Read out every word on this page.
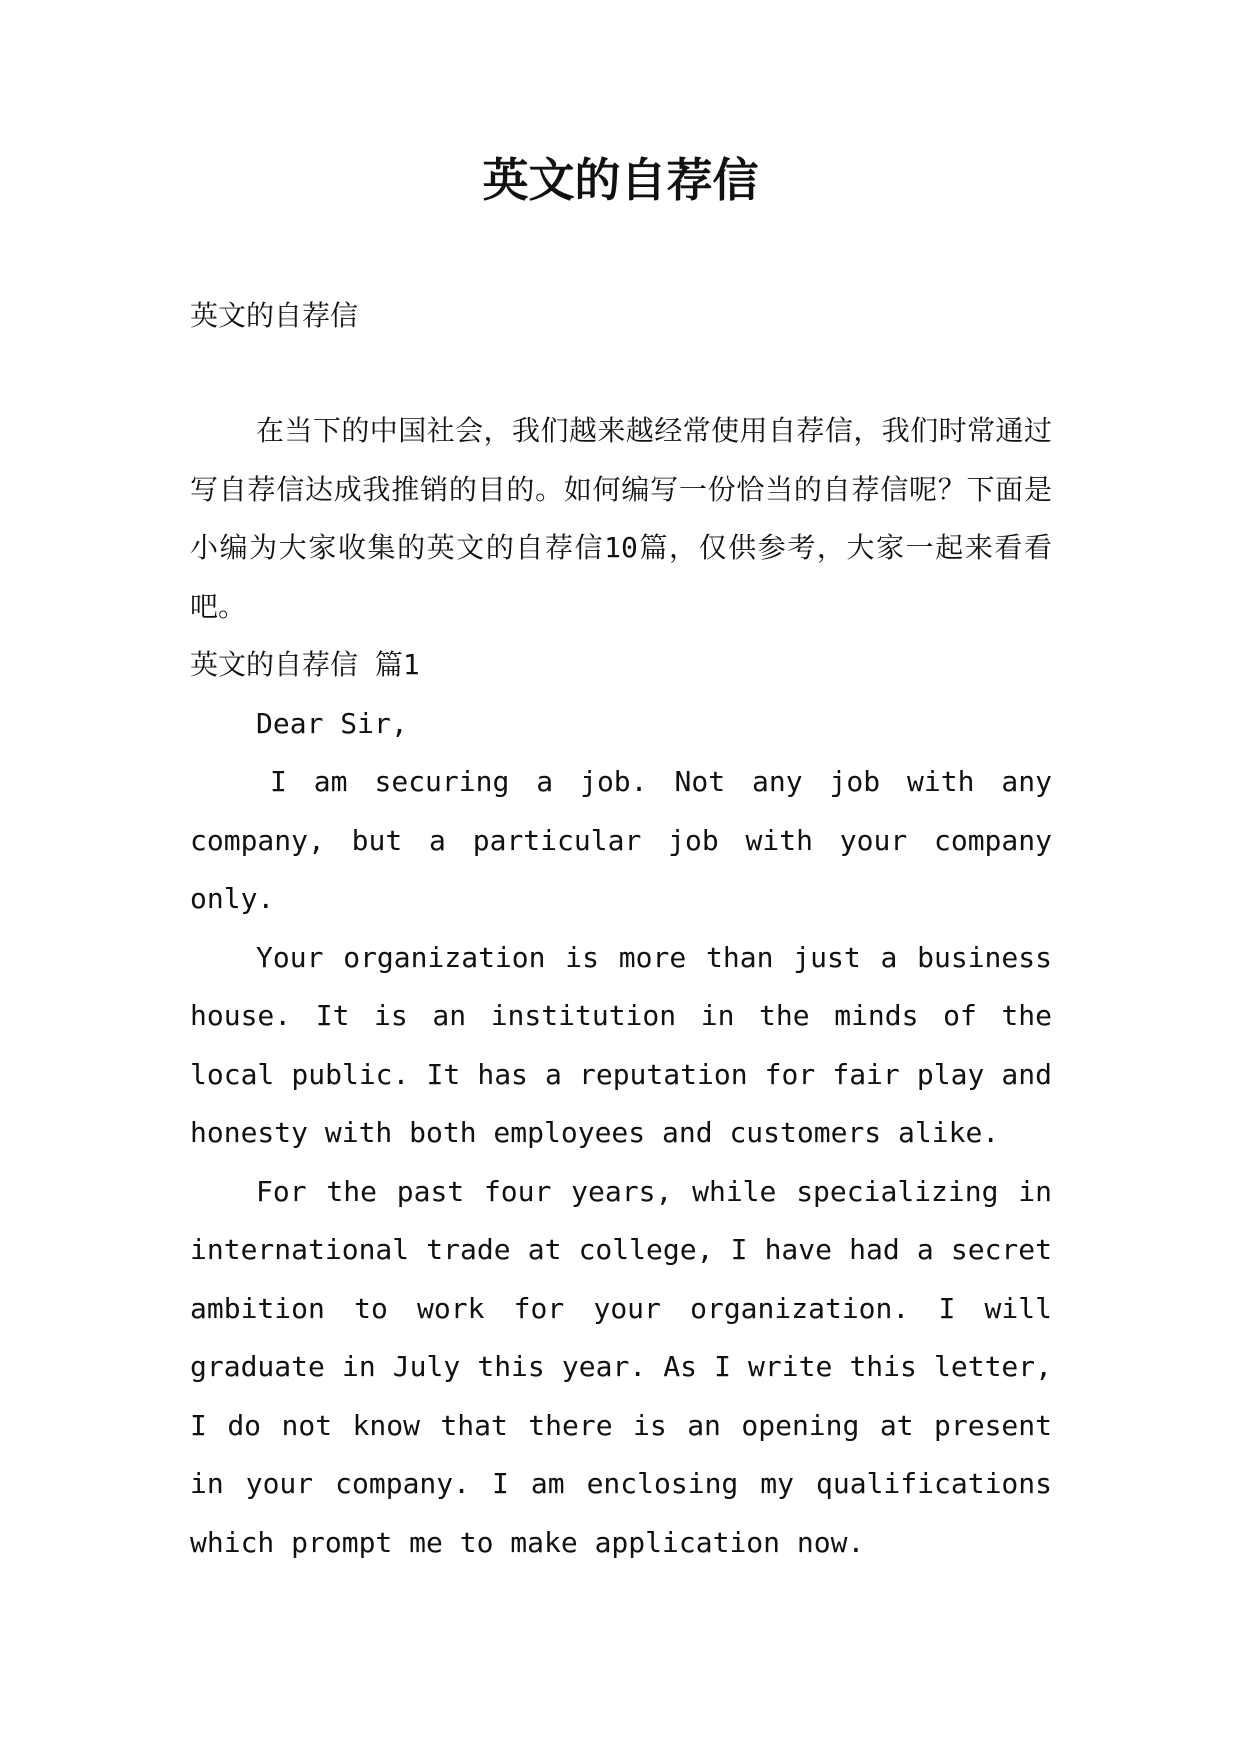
英文的自荐信

英文的自荐信

在当下的中国社会，我们越来越经常使用自荐信，我们时常通过写自荐信达成我推销的目的。如何编写一份恰当的自荐信呢？下面是小编为大家收集的英文的自荐信10篇，仅供参考，大家一起来看看吧。

英文的自荐信 篇1

Dear Sir,

I am securing a job. Not any job with any company, but a particular job with your company only.

Your organization is more than just a business house. It is an institution in the minds of the local public. It has a reputation for fair play and honesty with both employees and customers alike.

For the past four years, while specializing in international trade at college, I have had a secret ambition to work for your organization. I will graduate in July this year. As I write this letter, I do not know that there is an opening at present in your company. I am enclosing my qualifications which prompt me to make application now.
